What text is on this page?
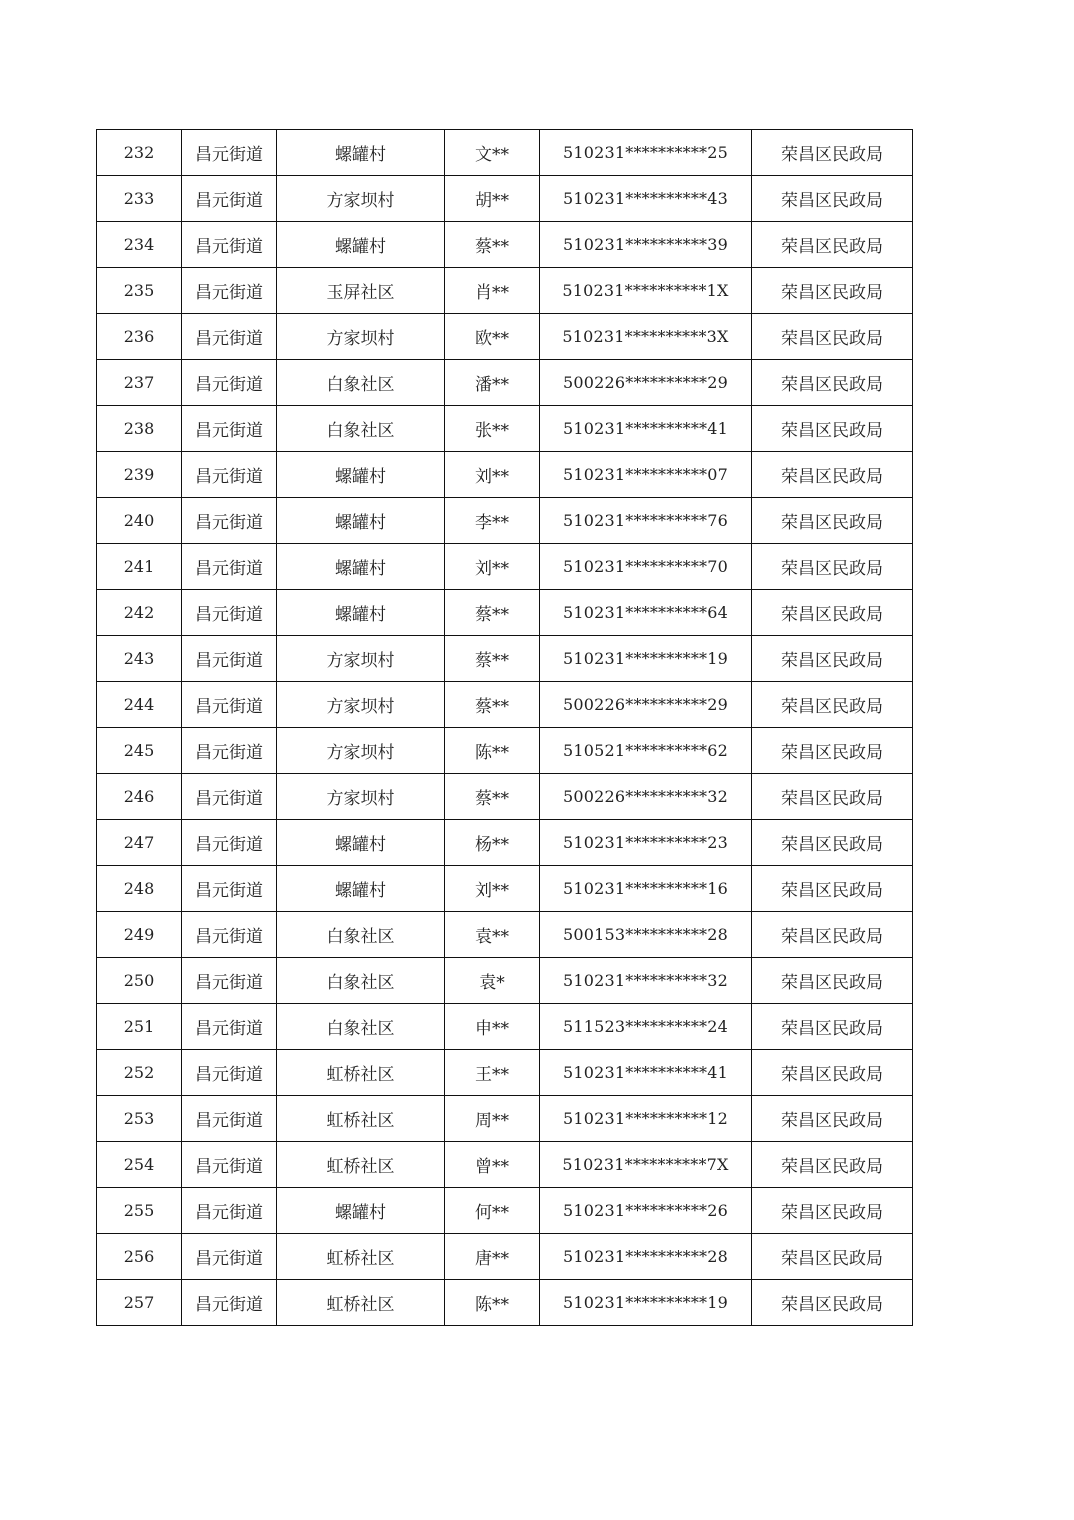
232	昌元街道	螺罐村	文**	510231**********25	荣昌区民政局
233	昌元街道	方家坝村	胡**	510231**********43	荣昌区民政局
234	昌元街道	螺罐村	蔡**	510231**********39	荣昌区民政局
235	昌元街道	玉屏社区	肖**	510231**********1X	荣昌区民政局
236	昌元街道	方家坝村	欧**	510231**********3X	荣昌区民政局
237	昌元街道	白象社区	潘**	500226**********29	荣昌区民政局
238	昌元街道	白象社区	张**	510231**********41	荣昌区民政局
239	昌元街道	螺罐村	刘**	510231**********07	荣昌区民政局
240	昌元街道	螺罐村	李**	510231**********76	荣昌区民政局
241	昌元街道	螺罐村	刘**	510231**********70	荣昌区民政局
242	昌元街道	螺罐村	蔡**	510231**********64	荣昌区民政局
243	昌元街道	方家坝村	蔡**	510231**********19	荣昌区民政局
244	昌元街道	方家坝村	蔡**	500226**********29	荣昌区民政局
245	昌元街道	方家坝村	陈**	510521**********62	荣昌区民政局
246	昌元街道	方家坝村	蔡**	500226**********32	荣昌区民政局
247	昌元街道	螺罐村	杨**	510231**********23	荣昌区民政局
248	昌元街道	螺罐村	刘**	510231**********16	荣昌区民政局
249	昌元街道	白象社区	袁**	500153**********28	荣昌区民政局
250	昌元街道	白象社区	袁*	510231**********32	荣昌区民政局
251	昌元街道	白象社区	申**	511523**********24	荣昌区民政局
252	昌元街道	虹桥社区	王**	510231**********41	荣昌区民政局
253	昌元街道	虹桥社区	周**	510231**********12	荣昌区民政局
254	昌元街道	虹桥社区	曾**	510231**********7X	荣昌区民政局
255	昌元街道	螺罐村	何**	510231**********26	荣昌区民政局
256	昌元街道	虹桥社区	唐**	510231**********28	荣昌区民政局
257	昌元街道	虹桥社区	陈**	510231**********19	荣昌区民政局
